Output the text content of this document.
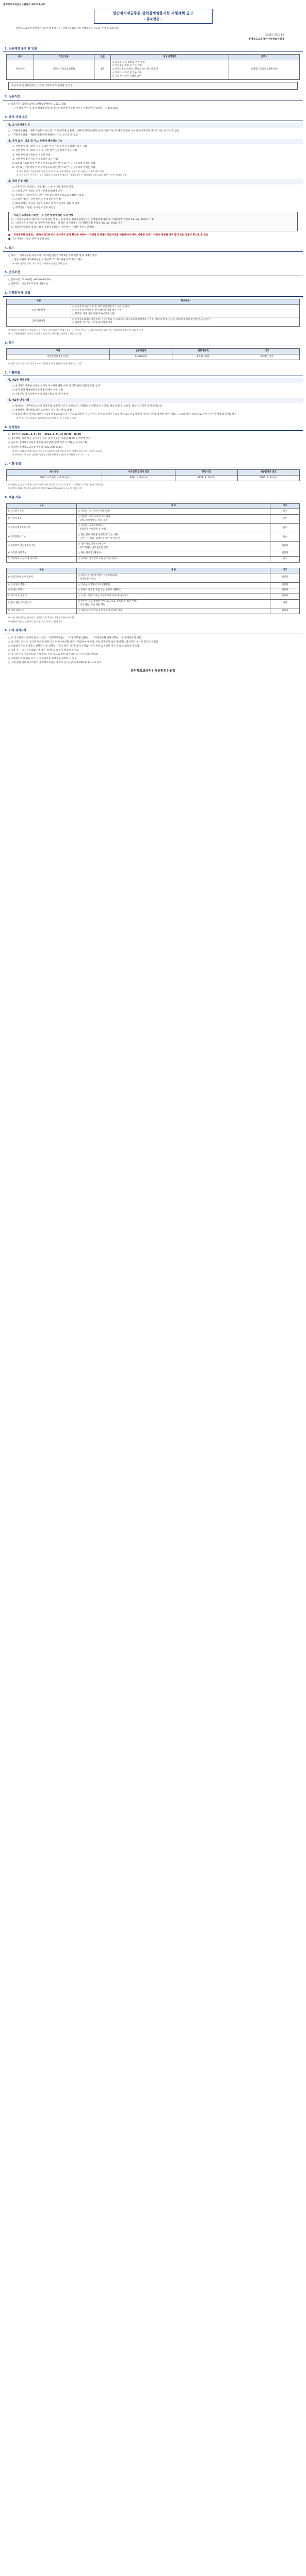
충청북도교육청인사위원회 제2021-4호
일반임기제공무원 경력경쟁임용시험 시행계획 공고
- 홍보전문 -
충청북도교육청 일반임기제공무원(홍보전문) 경력경쟁임용시험 시행계획을 다음과 같이 공고합니다.
2021년 3월 25일
충청북도교육청인사위원회위원장
1. 임용예정 분야 및 인원
분야	직급(상당)	인원	담당예정업무	근무처
홍보분야	일반임기제 6급 (상당)	1명	○ 교육청 주요 정책 및 현안 홍보
○ 언론홍보 계획 및 기사 작성
○ 온라인홍보(유튜브, 블로그 등) 기획 및 운영
○ 보도자료 작성 및 언론 대응
○ 기타 부서장이 지정한 업무	충청북도교육청 (대변인실)
※ 근무지 및 담당업무는 기관의 사정에 따라 변경될 수 있음
2. 임용기간
○ 임용기간: 임용일로부터 2년(임용예정일: 2021. 5월)
- 근무실적 우수 등 평가 결과에 따라 총 5년의 범위에서 연장 가능 (「지방공무원 임용령」 제21조의2)
3. 응시 자격 요건
가. 응시결격사유 등
○ 「지방공무원법」 제31조(결격사유) 및 「지방공무원 임용령」 제65조(부정행위자 등에 대한 조치) 등 관계 법령에 의하여 응시자격이 정지된 자는 응시할 수 없음
○ 「지방공무원법」 제66조(정년)에 해당하는 자는 응시할 수 없음
나. 자격 요건 (다음 중 어느 하나에 해당하는 자)
1. 관련 분야 학사학위 취득 후 2년 이상 관련 분야 실무경력이 있는 사람
2. 관련 분야 석사학위 취득 후 관련 분야 실무경력이 있는 사람
3. 관련 분야 박사학위를 취득한 사람
4. 관련 분야 6년 이상 실무경력이 있는 사람
5. 6급 또는 6급 상당 이상 공무원으로 관련 분야 1년 이상 실무경력이 있는 사람
6. 7급 또는 7급 상당 이상 공무원으로 관련 분야 3년 이상 실무경력이 있는 사람
※ 관련 분야: 언론사(신문·방송·인터넷) 기자, 홍보대행사, 공공기관·기업 등의 홍보 업무 경력
※ 실무경력은 응시원서 접수 마감일 기준으로 산정하며, 경력증명서 등 객관적인 증빙서류로 확인 가능한 경력만 인정
다. 경력 인정 기준
○ 근무기간이 중복되는 경우에는 그 중 하나의 경력만 인정
○ 시간제 근무 경력은 근무시간에 비례하여 인정
○ 자원봉사, 아르바이트, 인턴 경력 등은 실무경력으로 인정하지 않음
○ 군복무 경력은 관련 분야 근무에 한하여 인정
○ 해외 경력은 공인된 기관의 증명서 및 번역공증본 제출 시 인정
○ 경력산정 기준일: 응시원서 접수 마감일
「저출산·고령사회 기본법」 등 관련 법령에 따른 우대 사항
○ 「국가유공자 등 예우 및 지원에 관한 법률」 등에 따른 취업지원대상자는 관계법령에 따라 각 시험단계별 만점의 5% 또는 10%를 가점
○ 「의사상자 등 예우 및 지원에 관한 법률」에 따른 의사상자는 각 시험단계별 만점의 3% 또는 5%를 가점
○ 취업지원대상자 및 의사상자 가점이 중복되는 경우에는 유리한 것 하나만 적용
■ 「지방공무원 임용령」 제66조의2에 따라 응시자격 등의 확인을 위하여 서류전형 단계에서 증빙서류를 제출하여야 하며, 제출된 서류가 허위로 판명될 경우 합격 또는 임용이 취소될 수 있음
■ 기타 자세한 사항은 관련 법령에 따름
4. 보수
○ 보수: 「지방공무원 보수규정」에 따른 일반임기제 6급 상당 연봉 범위 내에서 결정
- 연봉 하한액: 44,938천원 ~ 상한액: 67,341천원 (2021년 기준)
※ 세부 연봉은 경력, 자격 등을 고려하여 협상을 통해 결정
5. 근무조건
○ 근무시간: 주 40시간 (09:00~18:00)
○ 근무장소: 충청북도교육청 대변인실
6. 전형절차 및 방법
구분	평가내용
1차 서류전형	○ 응시자격 해당 여부 및 직무 관련 전문지식 보유 등 평가
○ 응시자격 적격자 중 평가 점수에 따라 배수 선발
○ 합격자: 채용 예정 인원의 3~5배수 선발
2차 면접시험	○ 공무원으로서의 정신자세, 전문지식과 그 응용능력, 의사표현의 정확성과 논리성, 예의·품행 및 성실성, 창의력·의지력 및 발전가능성 평가
○ 위원별 '상', '중', '하'로 평가하여 결정
※ 서류전형 합격자 중 불합격 사유가 없는 자에 대하여 면접시험을 실시하며, 면접시험 결과 적격자가 없는 경우 합격자를 결정하지 않을 수 있음
※ 각 시험단계별로 적격자가 없다고 판단되는 경우에는 선발하지 않을 수 있음
6. 보수
구분	연봉하한액	연봉상한액	비고
일반임기제 6급 (상당)	44,938천원	67,341천원	2021년 기준
※ 연봉 외 정액급식비, 직급보조비, 성과연봉 등은 관련 규정에 따라 별도 지급
7. 시험방법
가. 제1차 서류전형
○ 응시자가 제출한 서류를 근거로 응시자격 해당 여부 및 직무 관련 전문성 등을 심사
○ 평가 결과 채용예정인원의 3~5배수 이내 선발
○ 서류전형 합격자에 한하여 면접시험 응시 자격 부여
나. 제2차 면접시험
○ 평정요소: 공무원으로서의 정신자세, 전문지식과 그 응용능력, 의사발표의 정확성과 논리성, 예의·품행 및 성실성, 창의력·의지력 및 발전가능성
○ 평정방법: 위원별로 평정요소마다 '상', '중', '하'로 평정
○ 합격자 결정: 위원의 과반수가 5개 평정요소를 모두 '상'으로 평정한 경우 '우수', 위원의 과반수가 5개 평정요소 중 2개 항목 이상을 '하'로 평정한 경우 '미흡', 그 외의 경우 '보통'으로 하여 '우수' 중에서 합격자를 결정
※ 면접시험 시 별도의 과제(보도자료 작성 등)를 부여할 수 있음
8. 원서접수
○ 접수기간: 2021. 4. 5.(월) ~ 2021. 4. 9.(금) 09:00~18:00
○ 접수방법: 방문 또는 등기우편 접수 (우편접수는 마감일 18:00 도착분에 한함)
○ 접수처: 충청북도교육청 총무과 인사담당 (충북 청주시 상당구 교서로 14)
○ 문의처: 충청북도교육청 총무과 (043-290-2114)
※ 접수 마감 후 제출서류는 반환하지 않으며, 제출 서류에 허위 사실이 있을 경우 합격을 취소함
※ 우편접수 시 봉투 겉면에 '일반임기제공무원(홍보전문) 응시원서 재중'으로 기재
7. 시험 일정
원서접수	서류전형 합격자 발표	면접시험	최종합격자 발표
2021. 4. 5.(월) ~ 4. 9.(금)	2021. 4. 14.(수)	2021. 4. 20.(화)	2021. 4. 23.(금)
※ 시험일정 및 장소 등은 기관 사정에 따라 변경될 수 있으며, 변경 시 충청북도교육청 홈페이지에 공고
※ 합격자 발표: 충청북도교육청 홈페이지(www.cbe.go.kr) 공고 및 개별 통보
8. 제출 서류
구분	내 용	비고
① 응시원서 1부	○ [서식1] 응시원서 (사진 부착)	필수
② 이력서 1부	○ [서식2] 이력서 및 자기소개서
- 학력, 경력사항 등 상세 기재	필수
③ 직무수행계획서 1부	○ [서식3] 직무수행계획서
- 홍보업무 수행계획 등 작성	필수
④ 경력증명서 1부	○ 관련 분야 경력을 증명할 수 있는 서류
- 근무기간, 직위, 담당업무 등이 명시된 것	필수
⑤ 최종학력 졸업증명서 1부	○ 학위 취득 증명서 (해당자)
- 외국 학위는 번역공증본 첨부	해당자
⑥ 자격증 사본 1부	○ 관련 자격증 (해당자)	해당자
⑦ 개인정보 수집·이용 동의서	○ [서식4] 개인정보 수집 및 이용 동의서	필수
구분	내 용	비고
⑧ 취업지원대상자 증명서	○ 취업지원대상자 증명서 1부 (해당자)
- 국가보훈처 발급	해당자
⑨ 의사상자 증명서	○ 의사상자 증명서 1부 (해당자)	해당자
⑩ 장애인 증명서	○ 장애인 등록증 사본 또는 증명서 (해당자)	해당자
⑪ 저소득층 증명서	○ 수급자 증명서 또는 한부모가족 증명서 (해당자)	해당자
⑫ 홍보 관련 포트폴리오	○ 본인이 직접 작성한 기사, 보도자료, 홍보물 등 (5건 이내)
- 서식 자유, 파일 제출 가능	선택
⑬ 기타 증빙서류	○ 기타 응시자격 및 경력 확인에 필요한 서류	해당자
※ 모든 제출서류는 원서접수 마감일 기준 3개월 이내 발급분이어야 함
※ 제출된 서류는 반환하지 않으며, 허위 기재 시 합격 취소
9. 기타 유의사항
○ 이 공고문에서 정하지 않은 사항은 「지방공무원법」, 「지방공무원 임용령」, 「지방공무원 임용시험령」 등 관계법령에 따름
○ 응시자는 응시표, 공고문 등에서 정한 응시자 준수사항을 반드시 확인하여야 하며, 이를 준수하지 않아 발생하는 불이익은 응시자 본인의 책임임
○ 최종합격자라 하더라도 신원조사 및 신체검사 결과 결격사유가 있거나 제출서류가 허위로 판명된 경우 합격 및 임용을 취소함
○ 임용 후 「공직자윤리법」에 따른 재산등록 의무가 부과될 수 있음
○ 응시원서 및 제출서류의 기재 착오, 누락 등으로 인한 불이익은 응시자 본인의 책임임
○ 최종합격자의 임용 포기 시 차순위자를 합격자로 결정할 수 있음
○ 시험 관련 기타 문의사항은 충청북도교육청 총무과 인사담당(043-290-2114)으로 문의
충청북도교육청인사위원회위원장
